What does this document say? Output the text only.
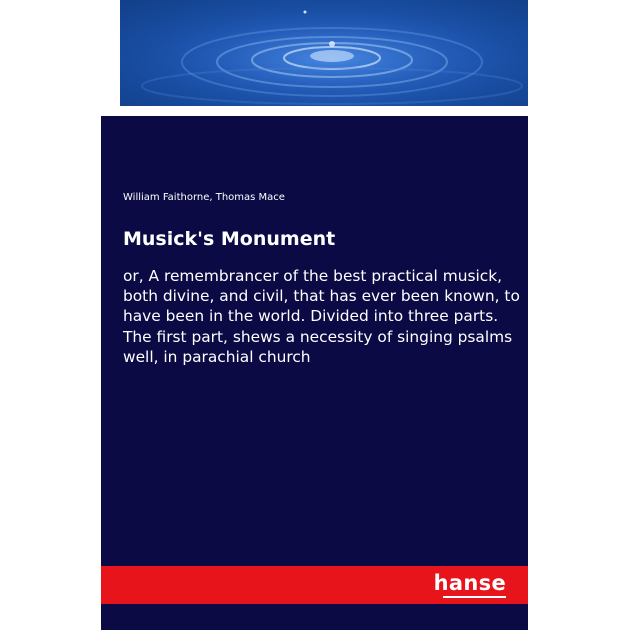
William Faithorne, Thomas Mace
Musick's Monument
or, A remembrancer of the best practical musick, both divine, and civil, that has ever been known, to have been in the world. Divided into three parts. The first part, shews a necessity of singing psalms well, in parachial church
hanse
